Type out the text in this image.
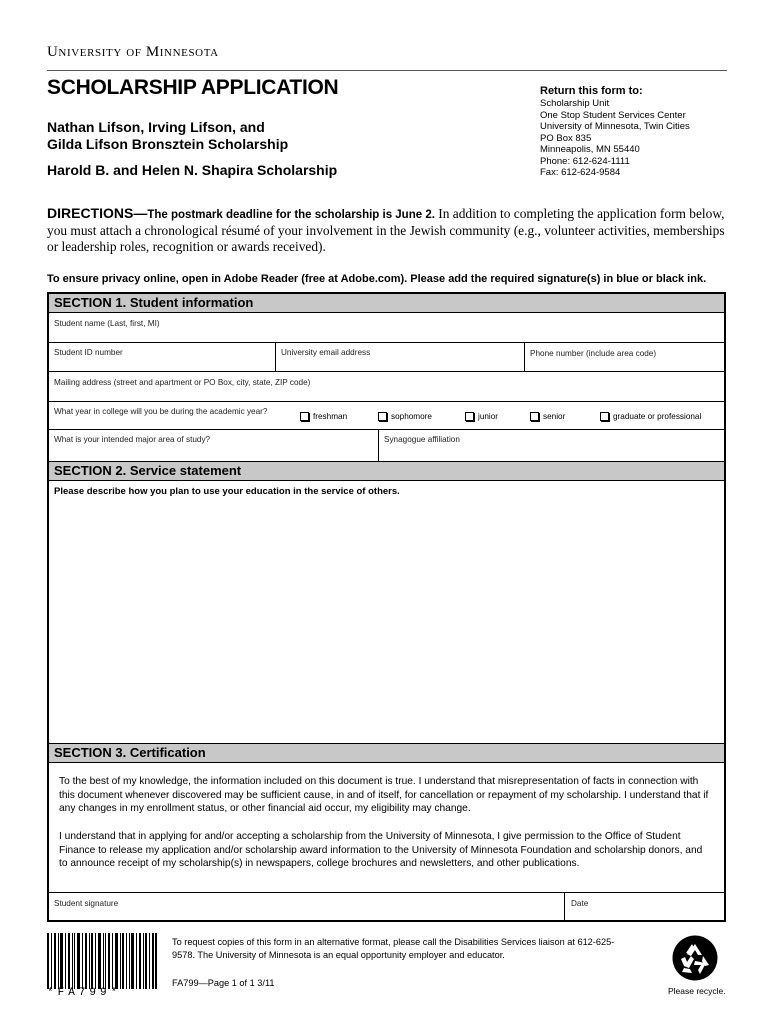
University of Minnesota
SCHOLARSHIP APPLICATION
Nathan Lifson, Irving Lifson, and
Gilda Lifson Bronsztein Scholarship
Harold B. and Helen N. Shapira Scholarship
Return this form to:
Scholarship Unit
One Stop Student Services Center
University of Minnesota, Twin Cities
PO Box 835
Minneapolis, MN 55440
Phone: 612-624-1111
Fax: 612-624-9584
DIRECTIONS—The postmark deadline for the scholarship is June 2. In addition to completing the application form below, you must attach a chronological résumé of your involvement in the Jewish community (e.g., volunteer activities, memberships or leadership roles, recognition or awards received).
To ensure privacy online, open in Adobe Reader (free at Adobe.com). Please add the required signature(s) in blue or black ink.
SECTION 1. Student information
Student name (Last, first, MI)
Student ID number	University email address	Phone number (include area code)
Mailing address (street and apartment or PO Box, city, state, ZIP code)
What year in college will you be during the academic year?
freshman	sophomore	junior	senior	graduate or professional
What is your intended major area of study?	Synagogue affiliation
SECTION 2. Service statement
Please describe how you plan to use your education in the service of others.
SECTION 3. Certification
To the best of my knowledge, the information included on this document is true. I understand that misrepresentation of facts in connection with this document whenever discovered may be sufficient cause, in and of itself, for cancellation or repayment of my scholarship. I understand that if any changes in my enrollment status, or other financial aid occur, my eligibility may change.
I understand that in applying for and/or accepting a scholarship from the University of Minnesota, I give permission to the Office of Student Finance to release my application and/or scholarship award information to the University of Minnesota Foundation and scholarship donors, and to announce receipt of my scholarship(s) in newspapers, college brochures and newsletters, and other publications.
Student signature	Date
*FA799*
To request copies of this form in an alternative format, please call the Disabilities Services liaison at 612-625-9578. The University of Minnesota is an equal opportunity employer and educator.
FA799—Page 1 of 1 3/11
Please recycle.
